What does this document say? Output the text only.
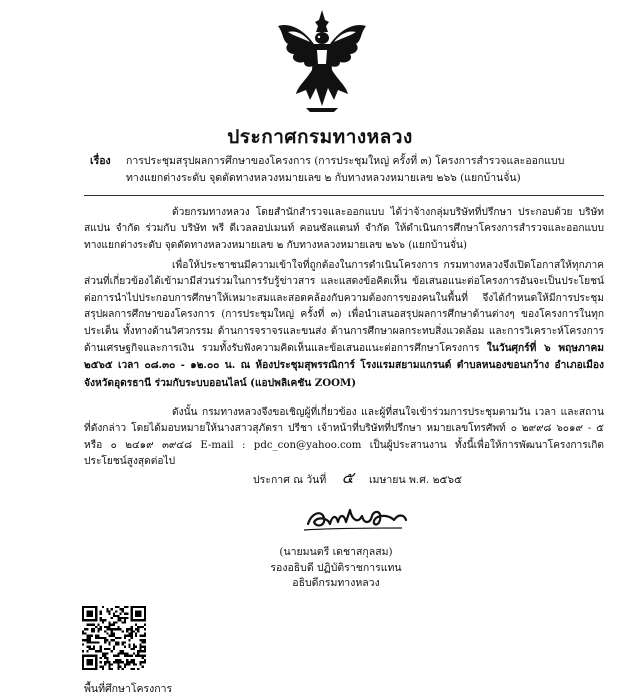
ประกาศกรมทางหลวง
เรื่อง การประชุมสรุปผลการศึกษาของโครงการ (การประชุมใหญ่ ครั้งที่ ๓) โครงการสำรวจและออกแบบ
ทางแยกต่างระดับ จุดตัดทางหลวงหมายเลข ๒ กับทางหลวงหมายเลข ๒๖๖ (แยกบ้านจั่น)
ด้วยกรมทางหลวง โดยสำนักสำรวจและออกแบบ ได้ว่าจ้างกลุ่มบริษัทที่ปรึกษา ประกอบด้วย บริษัท สแปน จำกัด ร่วมกับ บริษัท พรี ดีเวลลอปเมนท์ คอนซัลแตนท์ จำกัด ให้ดำเนินการศึกษาโครงการสำรวจและออกแบบทางแยกต่างระดับ จุดตัดทางหลวงหมายเลข ๒ กับทางหลวงหมายเลข ๒๖๖ (แยกบ้านจั่น)
เพื่อให้ประชาชนมีความเข้าใจที่ถูกต้องในการดำเนินโครงการ กรมทางหลวงจึงเปิดโอกาสให้ทุกภาคส่วนที่เกี่ยวข้องได้เข้ามามีส่วนร่วมในการรับรู้ข่าวสาร และแสดงข้อคิดเห็น ข้อเสนอแนะต่อโครงการอันจะเป็นประโยชน์ต่อการนำไปประกอบการศึกษาให้เหมาะสมและสอดคล้องกับความต้องการของคนในพื้นที่ จึงได้กำหนดให้มีการประชุมสรุปผลการศึกษาของโครงการ (การประชุมใหญ่ ครั้งที่ ๓) เพื่อนำเสนอสรุปผลการศึกษาด้านต่างๆ ของโครงการในทุกประเด็น ทั้งทางด้านวิศวกรรม ด้านการจราจรและขนส่ง ด้านการศึกษาผลกระทบสิ่งแวดล้อม และการวิเคราะห์โครงการด้านเศรษฐกิจและการเงิน รวมทั้งรับฟังความคิดเห็นและข้อเสนอแนะต่อการศึกษาโครงการ ในวันศุกร์ที่ ๖ พฤษภาคม ๒๕๖๕ เวลา ๐๘.๓๐ - ๑๒.๐๐ น. ณ ห้องประชุมสุพรรณิการ์ โรงแรมสยามแกรนด์ ตำบลหนองขอนกว้าง อำเภอเมือง จังหวัดอุดรธานี ร่วมกับระบบออนไลน์ (แอปพลิเคชัน ZOOM)
ดังนั้น กรมทางหลวงจึงขอเชิญผู้ที่เกี่ยวข้อง และผู้ที่สนใจเข้าร่วมการประชุมตามวัน เวลา และสถานที่ดังกล่าว โดยได้มอบหมายให้นางสาวสุภัตรา ปรีชา เจ้าหน้าที่บริษัทที่ปรึกษา หมายเลขโทรศัพท์ ๐ ๒๙๙๘ ๖๐๑๙ - ๕ หรือ ๐ ๒๔๑๙ ๓๙๔๘ E-mail : pdc_con@yahoo.com เป็นผู้ประสานงาน ทั้งนี้เพื่อให้การพัฒนาโครงการเกิดประโยชน์สูงสุดต่อไป
ประกาศ ณ วันที่ ๕ เมษายน พ.ศ. ๒๕๖๕
(นายมนตรี เดชาสกุลสม)
รองอธิบดี ปฏิบัติราชการแทน
อธิบดีกรมทางหลวง
พื้นที่ศึกษาโครงการ
